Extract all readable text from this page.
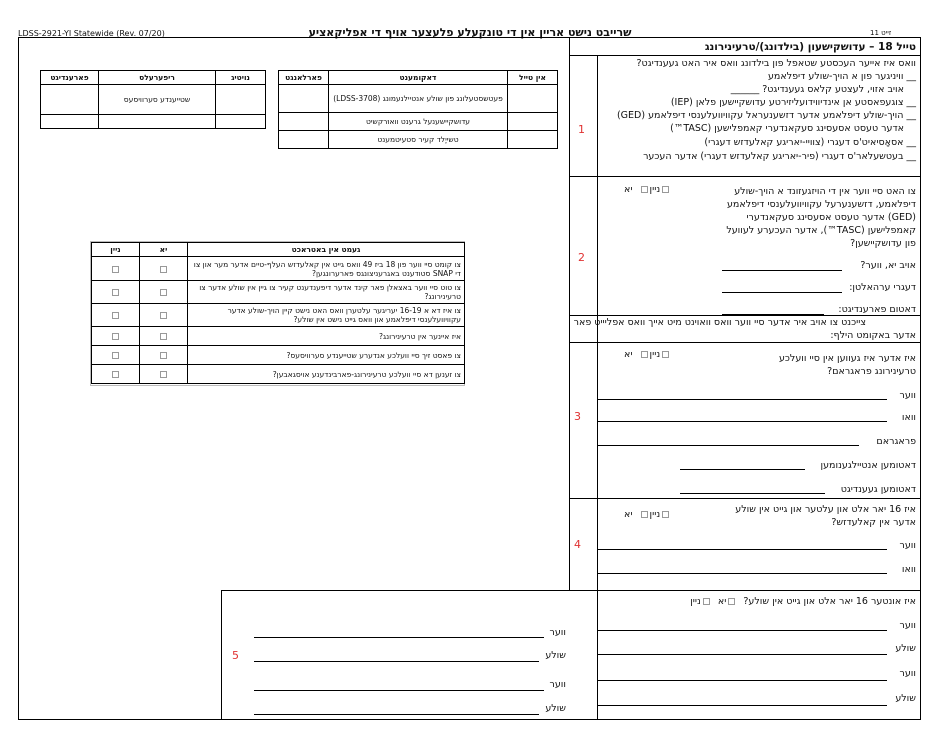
LDSS-2921-YI Statewide (Rev. 07/20)	שרייבט נישט אריין אין די טונקעלע פלעצער אויף די אפליקאציע	זייט 11
טייל 18 – עדושקישעון (בילדונג)/טרעינירונג
1
וואס איז אייער העכסטע שטאפל פון בילדונג וואס איר האט געענדיגט?
__ וויניגער פון א הויך-שולע דיפלאמע
אויב אזוי, לעצטע קלאס געענדיגט? ______
__ צוגעפאסטע אן אינדיווידועליזירטע עדושקיישען פלאן (IEP)
__ הויך-שולע דיפלאמע אדער דזשענעראל עקוויוועלענסי דיפלאמע (GED)
אדער טעסט אסעסינג סעקאנדערי קאמפלישען (TASC™)
__ אסאָסיאיט'ס דעגרי (צוויי-יאריגע קאלעדזש דעגרי)
__ בעטשעלאר'ס דעגרי (פיר-יאריגע קאלעדזש דעגרי) אדער העכער
פארענדיגט	ריפערעלס	נויטיג
	שטייענדע סערוויסעס	

פארלאנגט	דאקומענט	אין טייל
	פעטשסטעלונג פון שולע אנטיילנעמונג (LDSS-3708)	
	עדושקיישענעל גרענט וואוּרקשיט	
	טשייֶלד קעיר סטעיטמענט	
2
ניין  יא	צו האט סיי ווער אין די הויזגעזונד א הויך-שולע
דיפלאמע, דזשענערעל עקוויוועלענסי דיפלאמע
(GED) אדער טעסט אסעסינג סעקאנדערי
קאמפלישען (TASC™), אדער העכערע לעוועל
פון עדושקיישען?
אויב יא, ווער?
דעגרי ערהאלטן:
דאטום פארענדיגט:
צייכנט צו אויב איר אדער סיי ווער וואס וואוינט מיט אייך וואס אפליייט פאר
אדער באקומט הילף:
ניין	יא	געמט אין באטראכט
		צו קומט סיי ווער פון 18 ביז 49 וואס גייט אין קאלעדזש העלף-טיים אדער מער און צו די SNAP סטודענט באגרעניצונגס פארערונגען?
		צו טוט סיי ווער באצאלן פאר קינד אדער דיפענדענט קעיר צו גיין אין שולע אדער צו טרעינירונג?
		צו איז דא א 16-19 יעריגער עלטערן וואס האט נישט קיין הויך-שולע אדער עקוויוועלענסי דיפלאמע און וואס גייט נישט אין שולע?
		איז איינער אין טרעינירונג?
		צו פאסט זיך סיי וועלכע אנדערע שטייענדע סערוויסעס?
		צו זענען דא סיי וועלכע טרעינירונג-פארבינדענע אויסגאבען?
3
ניין  יא	איז אדער איז געווען אין סיי וועלכע
טרעינירונג פראגראם?
ווער
וואו
פראגראם
דאטומען אנטיילגענומען
דאטומען געענדיגט
4
ניין  יא	איז 16 יאר אלט און עלטער און גייט אין שולע
אדער אין קאלעדזש?
ווער
וואו
5
איז אונטער 16 יאר אלט און גייט אין שולע?  יא  ניין
ווער
שולע
ווער
שולע
ווער
שולע
ווער
שולע
